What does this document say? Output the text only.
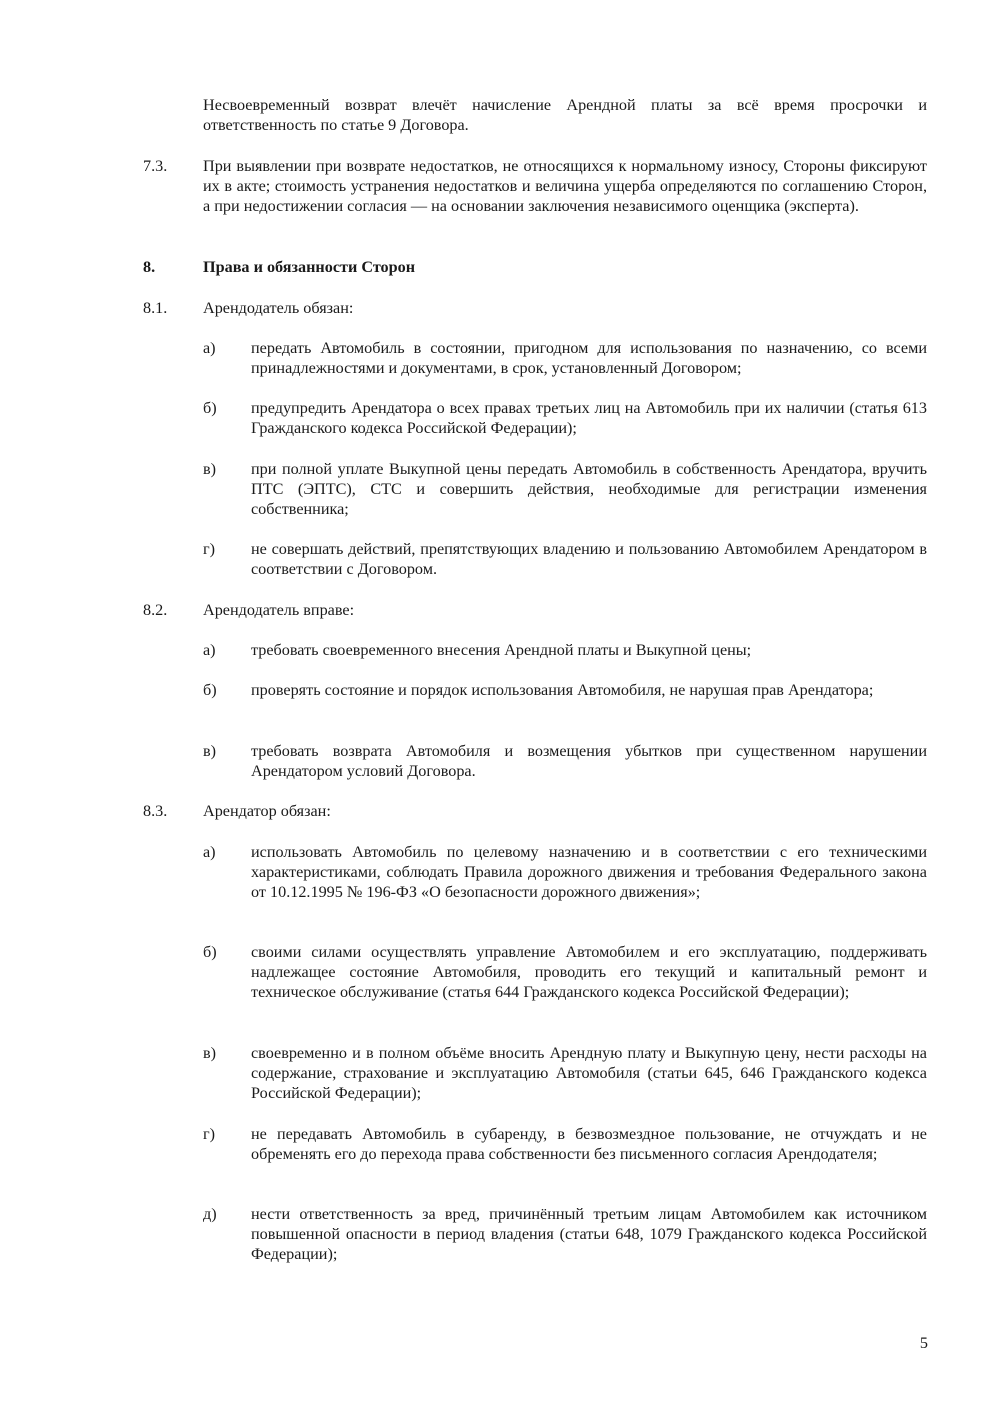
Несвоевременный возврат влечёт начисление Арендной платы за всё время просрочки и ответственность по статье 9 Договора.

7.3. При выявлении при возврате недостатков, не относящихся к нормальному износу, Стороны фиксируют их в акте; стоимость устранения недостатков и величина ущерба определяются по соглашению Сторон, а при недостижении согласия — на основании заключения независимого оценщика (эксперта).

8.	Права и обязанности Сторон
8.1. Арендодатель обязан:
а) передать Автомобиль в состоянии, пригодном для использования по назначению, со всеми принадлежностями и документами, в срок, установленный Договором;

б) предупредить Арендатора о всех правах третьих лиц на Автомобиль при их наличии (статья 613 Гражданского кодекса Российской Федерации);

в) при полной уплате Выкупной цены передать Автомобиль в собственность Арендатора, вручить ПТС (ЭПТС), СТС и совершить действия, необходимые для регистрации изменения собственника;

г) не совершать действий, препятствующих владению и пользованию Автомобилем Арендатором в соответствии с Договором.

8.2. Арендодатель вправе:
а) требовать своевременного внесения Арендной платы и Выкупной цены;

б) проверять состояние и порядок использования Автомобиля, не нарушая прав Арендатора;

в) требовать возврата Автомобиля и возмещения убытков при существенном нарушении Арендатором условий Договора.

8.3. Арендатор обязан:
а) использовать Автомобиль по целевому назначению и в соответствии с его техническими характеристиками, соблюдать Правила дорожного движения и требования Федерального закона от 10.12.1995 № 196-ФЗ «О безопасности дорожного движения»;

б) своими силами осуществлять управление Автомобилем и его эксплуатацию, поддерживать надлежащее состояние Автомобиля, проводить его текущий и капитальный ремонт и техническое обслуживание (статья 644 Гражданского кодекса Российской Федерации);

в) своевременно и в полном объёме вносить Арендную плату и Выкупную цену, нести расходы на содержание, страхование и эксплуатацию Автомобиля (статьи 645, 646 Гражданского кодекса Российской Федерации);

г) не передавать Автомобиль в субаренду, в безвозмездное пользование, не отчуждать и не обременять его до перехода права собственности без письменного согласия Арендодателя;

д) нести ответственность за вред, причинённый третьим лицам Автомобилем как источником повышенной опасности в период владения (статьи 648, 1079 Гражданского кодекса Российской Федерации);

5
